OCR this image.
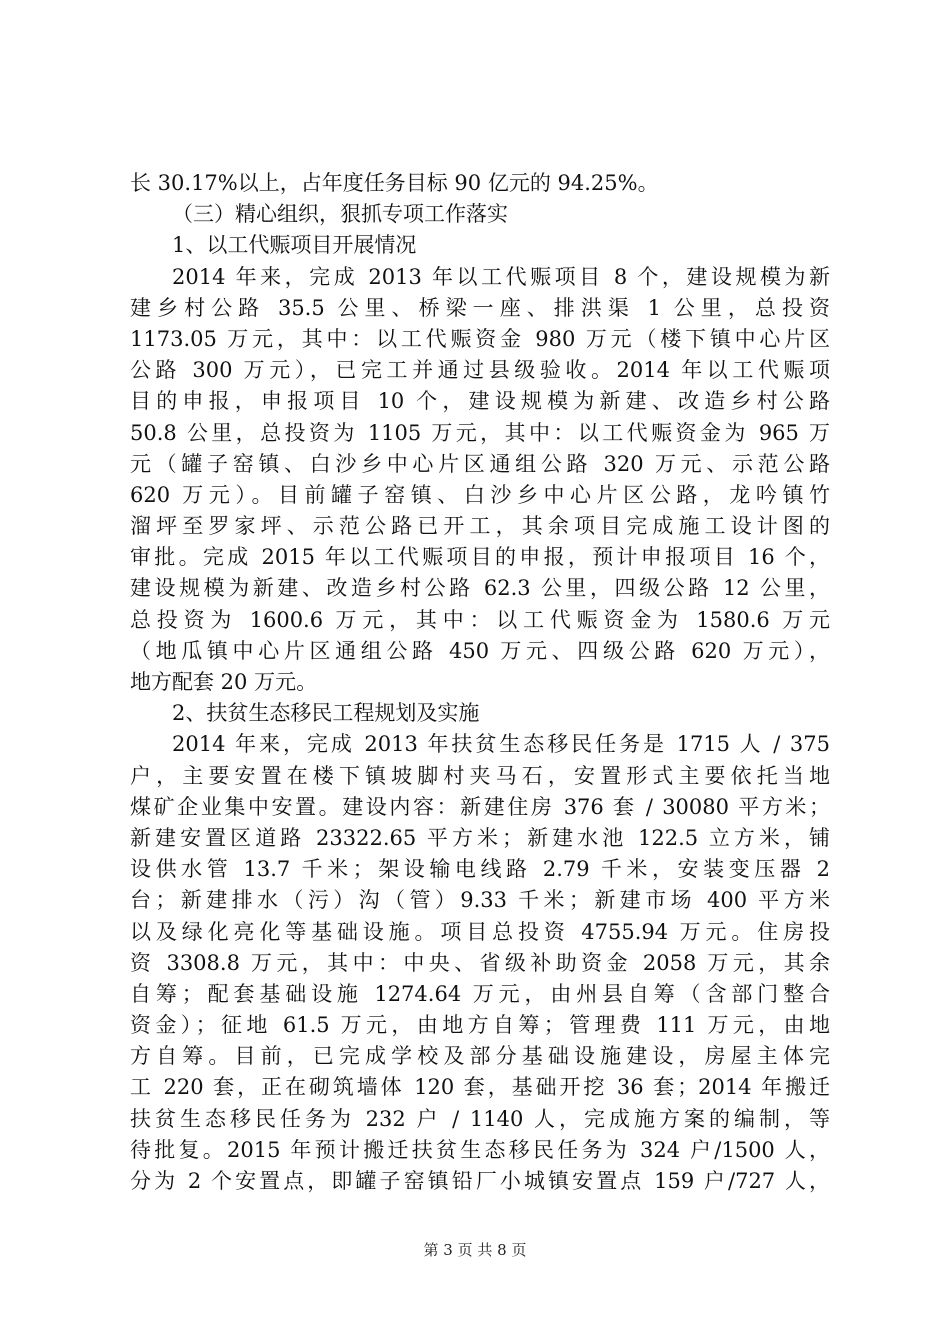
长 30.17%以上，占年度任务目标 90 亿元的 94.25%。
（三）精心组织，狠抓专项工作落实
1、以工代赈项目开展情况
2014 年来，完成 2013 年以工代赈项目 8 个，建设规模为新
建乡村公路 35.5 公里、桥梁一座、排洪渠 1 公里，总投资
1173.05 万元，其中：以工代赈资金 980 万元（楼下镇中心片区
公路 300 万元），已完工并通过县级验收。2014 年以工代赈项
目的申报，申报项目 10 个，建设规模为新建、改造乡村公路
50.8 公里，总投资为 1105 万元，其中：以工代赈资金为 965 万
元（罐子窑镇、白沙乡中心片区通组公路 320 万元、示范公路
620 万元）。目前罐子窑镇、白沙乡中心片区公路，龙吟镇竹
溜坪至罗家坪、示范公路已开工，其余项目完成施工设计图的
审批。完成 2015 年以工代赈项目的申报，预计申报项目 16 个，
建设规模为新建、改造乡村公路 62.3 公里，四级公路 12 公里，
总投资为 1600.6 万元，其中：以工代赈资金为 1580.6 万元
（地瓜镇中心片区通组公路 450 万元、四级公路 620 万元），
地方配套 20 万元。
2、扶贫生态移民工程规划及实施
2014 年来，完成 2013 年扶贫生态移民任务是 1715 人 / 375
户，主要安置在楼下镇坡脚村夹马石，安置形式主要依托当地
煤矿企业集中安置。建设内容：新建住房 376 套 / 30080 平方米；
新建安置区道路 23322.65 平方米；新建水池 122.5 立方米，铺
设供水管 13.7 千米；架设输电线路 2.79 千米，安装变压器 2
台；新建排水（污）沟（管）9.33 千米；新建市场 400 平方米
以及绿化亮化等基础设施。项目总投资 4755.94 万元。住房投
资 3308.8 万元，其中：中央、省级补助资金 2058 万元，其余
自筹；配套基础设施 1274.64 万元，由州县自筹（含部门整合
资金）；征地 61.5 万元，由地方自筹；管理费 111 万元，由地
方自筹。目前，已完成学校及部分基础设施建设，房屋主体完
工 220 套，正在砌筑墙体 120 套，基础开挖 36 套；2014 年搬迁
扶贫生态移民任务为 232 户 / 1140 人，完成施方案的编制，等
待批复。2015 年预计搬迁扶贫生态移民任务为 324 户/1500 人，
分为 2 个安置点，即罐子窑镇铅厂小城镇安置点 159 户/727 人，
第 3 页 共 8 页
